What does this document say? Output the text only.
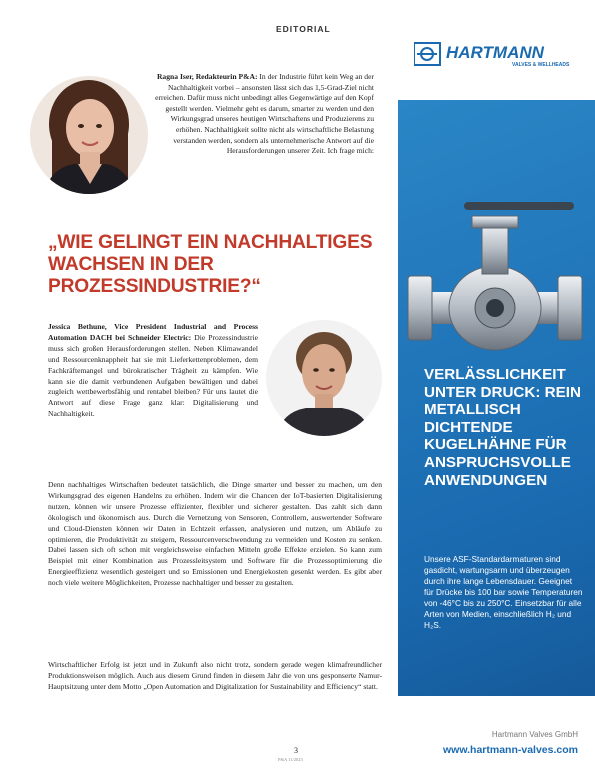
EDITORIAL
Ragna Iser, Redakteurin P&A: In der Industrie führt kein Weg an der Nachhaltigkeit vorbei – ansonsten lässt sich das 1,5-Grad-Ziel nicht erreichen. Dafür muss nicht unbedingt alles Gegenwärtige auf den Kopf gestellt werden. Vielmehr geht es darum, smarter zu werden und den Wirkungsgrad unseres heutigen Wirtschaftens und Produzierens zu erhöhen. Nachhaltigkeit sollte nicht als wirtschaftliche Belastung verstanden werden, sondern als unternehmerische Antwort auf die Herausforderungen unserer Zeit. Ich frage mich:
„WIE GELINGT EIN NACHHALTIGES WACHSEN IN DER PROZESSINDUSTRIE?“
Jessica Bethune, Vice President Industrial and Process Automation DACH bei Schneider Electric: Die Prozessindustrie muss sich großen Herausforderungen stellen. Neben Klimawandel und Ressourcenknappheit hat sie mit Lieferkettenproblemen, dem Fachkräftemangel und bürokratischer Trägheit zu kämpfen. Wie kann sie die damit verbundenen Aufgaben bewältigen und dabei zugleich wettbewerbsfähig und rentabel bleiben? Für uns lautet die Antwort auf diese Frage ganz klar: Digitalisierung und Nachhaltigkeit.
Denn nachhaltiges Wirtschaften bedeutet tatsächlich, die Dinge smarter und besser zu machen, um den Wirkungsgrad des eigenen Handelns zu erhöhen. Indem wir die Chancen der IoT-basierten Digitalisierung nutzen, können wir unsere Prozesse effizienter, flexibler und sicherer gestalten. Das zahlt sich dann ökologisch und ökonomisch aus. Durch die Vernetzung von Sensoren, Controllern, auswertender Software und Cloud-Diensten können wir Daten in Echtzeit erfassen, analysieren und nutzen, um Abläufe zu optimieren, die Produktivität zu steigern, Ressourcenverschwendung zu vermeiden und Kosten zu senken. Dabei lassen sich oft schon mit vergleichsweise einfachen Mitteln große Effekte erzielen. So kann zum Beispiel mit einer Kombination aus Prozessleitsystem und Software für die Prozessoptimierung die Energieeffizienz wesentlich gesteigert und so Emissionen und Energiekosten gesenkt werden. Es gibt aber noch viele weitere Möglichkeiten, Prozesse nachhaltiger und besser zu gestalten.
Wirtschaftlicher Erfolg ist jetzt und in Zukunft also nicht trotz, sondern gerade wegen klimafreundlicher Produktionsweisen möglich. Auch aus diesem Grund finden in diesem Jahr die von uns gesponserte Namur-Hauptsitzung unter dem Motto „Open Automation and Digitalization for Sustainability and Efficiency“ statt.
3
P&A 11/2023
HARTMANN
VALVES & WELLHEADS
VERLÄSSLICHKEIT UNTER DRUCK: REIN METALLISCH DICHTENDE KUGELHÄHNE FÜR ANSPRUCHSVOLLE ANWENDUNGEN
Unsere ASF-Standardarmaturen sind gasdicht, wartungsarm und überzeugen durch ihre lange Lebensdauer. Geeignet für Drücke bis 100 bar sowie Temperaturen von -46°C bis zu 250°C. Einsetzbar für alle Arten von Medien, einschließlich H₂ und H₂S.
Hartmann Valves GmbH
www.hartmann-valves.com
